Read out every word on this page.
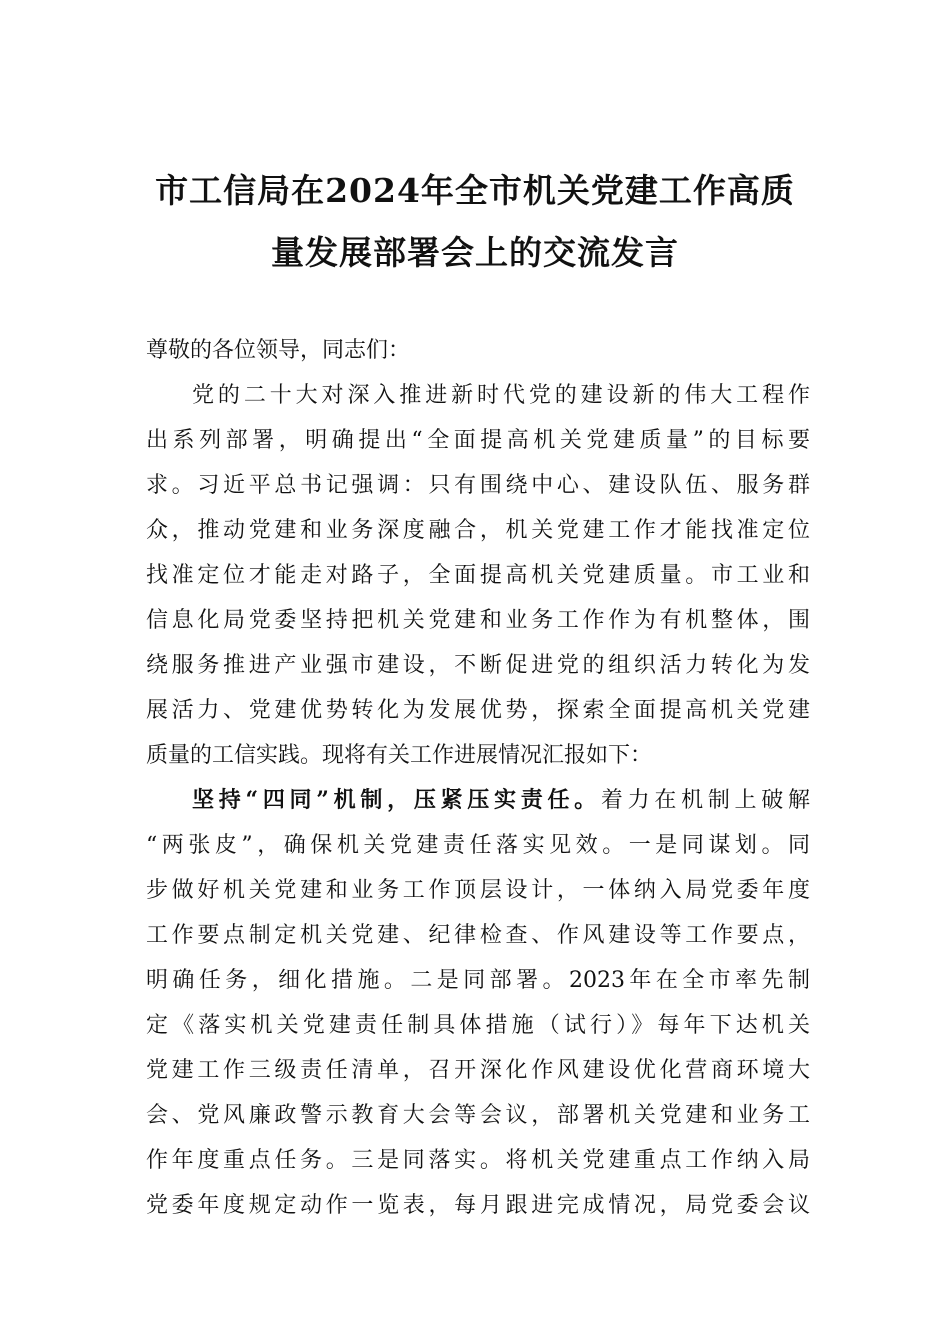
市工信局在2024年全市机关党建工作高质
量发展部署会上的交流发言
尊敬的各位领导，同志们：
党的二十大对深入推进新时代党的建设新的伟大工程作
出系列部署，明确提出“全面提高机关党建质量”的目标要
求。习近平总书记强调：只有围绕中心、建设队伍、服务群
众，推动党建和业务深度融合，机关党建工作才能找准定位
找准定位才能走对路子，全面提高机关党建质量。市工业和
信息化局党委坚持把机关党建和业务工作作为有机整体，围
绕服务推进产业强市建设，不断促进党的组织活力转化为发
展活力、党建优势转化为发展优势，探索全面提高机关党建
质量的工信实践。现将有关工作进展情况汇报如下：
坚持“四同”机制，压紧压实责任。着力在机制上破解
“两张皮”，确保机关党建责任落实见效。一是同谋划。同
步做好机关党建和业务工作顶层设计，一体纳入局党委年度
工作要点制定机关党建、纪律检查、作风建设等工作要点，
明确任务，细化措施。二是同部署。2023年在全市率先制
定《落实机关党建责任制具体措施（试行）》每年下达机关
党建工作三级责任清单，召开深化作风建设优化营商环境大
会、党风廉政警示教育大会等会议，部署机关党建和业务工
作年度重点任务。三是同落实。将机关党建重点工作纳入局
党委年度规定动作一览表，每月跟进完成情况，局党委会议
